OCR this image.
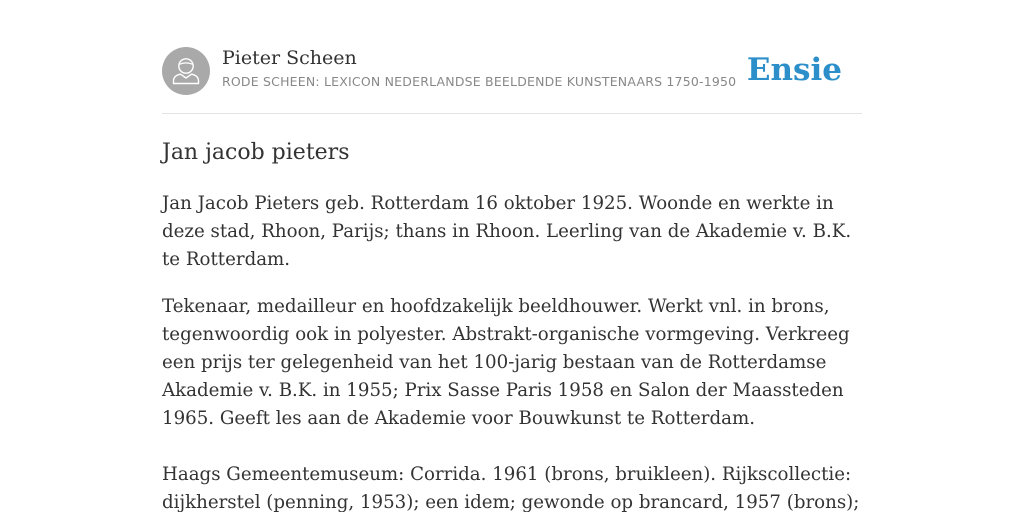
Pieter Scheen
RODE SCHEEN: LEXICON NEDERLANDSE BEELDENDE KUNSTENAARS 1750-1950 Ensie
Jan jacob pieters

Jan Jacob Pieters geb. Rotterdam 16 oktober 1925. Woonde en werkte in deze stad, Rhoon, Parijs; thans in Rhoon. Leerling van de Akademie v. B.K. te Rotterdam.

Tekenaar, medailleur en hoofdzakelijk beeldhouwer. Werkt vnl. in brons, tegenwoordig ook in polyester. Abstrakt-organische vormgeving. Verkreeg een prijs ter gelegenheid van het 100-jarig bestaan van de Rotterdamse Akademie v. B.K. in 1955; Prix Sasse Paris 1958 en Salon der Maassteden 1965. Geeft les aan de Akademie voor Bouwkunst te Rotterdam.

Haags Gemeentemuseum: Corrida. 1961 (brons, bruikleen). Rijkscollectie: dijkherstel (penning, 1953); een idem; gewonde op brancard, 1957 (brons);
